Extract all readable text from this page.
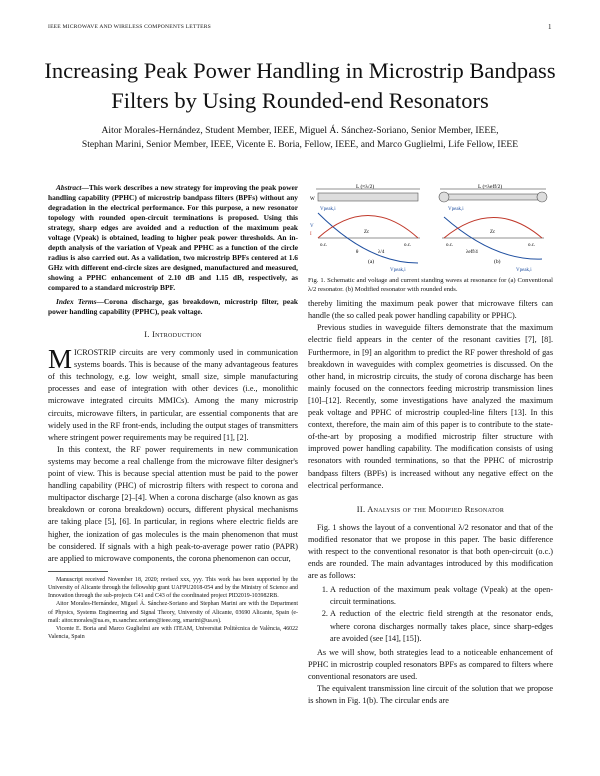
IEEE MICROWAVE AND WIRELESS COMPONENTS LETTERS	1
Increasing Peak Power Handling in Microstrip Bandpass Filters by Using Rounded-end Resonators
Aitor Morales-Hernández, Student Member, IEEE, Miguel Á. Sánchez-Soriano, Senior Member, IEEE,
Stephan Marini, Senior Member, IEEE, Vicente E. Boria, Fellow, IEEE, and Marco Guglielmi, Life Fellow, IEEE

Abstract—This work describes a new strategy for improving the peak power handling capability (PPHC) of microstrip bandpass filters (BPFs) without any degradation in the electrical performance. For this purpose, a new resonator topology with rounded open-circuit terminations is proposed. Using this strategy, sharp edges are avoided and a reduction of the maximum peak voltage (Vpeak) is obtained, leading to higher peak power thresholds. An in-depth analysis of the variation of Vpeak and PPHC as a function of the circle radius is also carried out. As a validation, two microstrip BPFs centered at 1.6 GHz with different end-circle sizes are designed, manufactured and measured, showing a PPHC enhancement of 2.10 dB and 1.15 dB, respectively, as compared to a standard microstrip BPF.

Index Terms—Corona discharge, gas breakdown, microstrip filter, peak power handling capability (PPHC), peak voltage.

I. Introduction

MICROSTRIP circuits are very commonly used in communication systems boards. This is because of the many advantageous features of this technology, e.g. low weight, small size, simple manufacturing processes and ease of integration with other devices (i.e., monolithic microwave integrated circuits MMICs). Among the many microstrip circuits, microwave filters, in particular, are essential components that are widely used in the RF front-ends, including the output stages of transmitters where stringent power requirements may be required [1], [2].

In this context, the RF power requirements in new communication systems may become a real challenge from the microwave filter designer's point of view. This is because special attention must be paid to the power handling capability (PHC) of microstrip filters with respect to corona and multipactor discharge [2]–[4]. When a corona discharge (also known as gas breakdown or corona breakdown) occurs, different physical mechanisms are taking place [5], [6]. In particular, in regions where electric fields are higher, the ionization of gas molecules is the main phenomenon that must be considered. If signals with a high peak-to-average power ratio (PAPR) are applied to microwave components, the corona phenomenon can occur,

Manuscript received November 18, 2020; revised xxx, yyy. This work has been supported by the University of Alicante through the fellowship grant UAFPU2018-054 and by the Ministry of Science and Innovation through the sub-projects C41 and C43 of the coordinated project PID2019-103982RB.

Aitor Morales-Hernández, Miguel Á. Sánchez-Soriano and Stephan Marini are with the Department of Physics, Systems Engineering and Signal Theory, University of Alicante, 03690 Alicante, Spain (e-mail: aitor.morales@ua.es, m.sanchez.soriano@ieee.org, smarini@ua.es).

Vicente E. Boria and Marco Guglielmi are with iTEAM, Universitat Politècnica de València, 46022 Valencia, Spain

L (≈λ/2)
W
Vpeak,i
V
I	Zc
o.c.	o.c.
θ	λ/4
(a)
Vpeak,i
L (≈λeff/2)
Vpeak,i
Zc
o.c.	o.c.
λeff/4
(b)
Vpeak,i

Fig. 1. Schematic and voltage and current standing waves at resonance for (a) Conventional λ/2 resonator. (b) Modified resonator with rounded ends.

thereby limiting the maximum peak power that microwave filters can handle (the so called peak power handling capability or PPHC).

Previous studies in waveguide filters demonstrate that the maximum electric field appears in the center of the resonant cavities [7], [8]. Furthermore, in [9] an algorithm to predict the RF power threshold of gas breakdown in waveguides with complex geometries is discussed. On the other hand, in microstrip circuits, the study of corona discharge has been mainly focused on the connectors feeding microstrip transmission lines [10]–[12]. Recently, some investigations have analyzed the maximum peak voltage and PPHC of microstrip coupled-line filters [13]. In this context, therefore, the main aim of this paper is to contribute to the state-of-the-art by proposing a modified microstrip filter structure with improved power handling capability. The modification consists of using resonators with rounded terminations, so that the PPHC of microstrip bandpass filters (BPFs) is increased without any negative effect on the electrical performance.

II. Analysis of the Modified Resonator

Fig. 1 shows the layout of a conventional λ/2 resonator and that of the modified resonator that we propose in this paper. The basic difference with respect to the conventional resonator is that both open-circuit (o.c.) ends are rounded. The main advantages introduced by this modification are as follows:

1. A reduction of the maximum peak voltage (Vpeak) at the open-circuit terminations.
2. A reduction of the electric field strength at the resonator ends, where corona discharges normally takes place, since sharp-edges are avoided (see [14], [15]).

As we will show, both strategies lead to a noticeable enhancement of PPHC in microstrip coupled resonators BPFs as compared to filters where conventional resonators are used.

The equivalent transmission line circuit of the solution that we propose is shown in Fig. 1(b). The circular ends are
